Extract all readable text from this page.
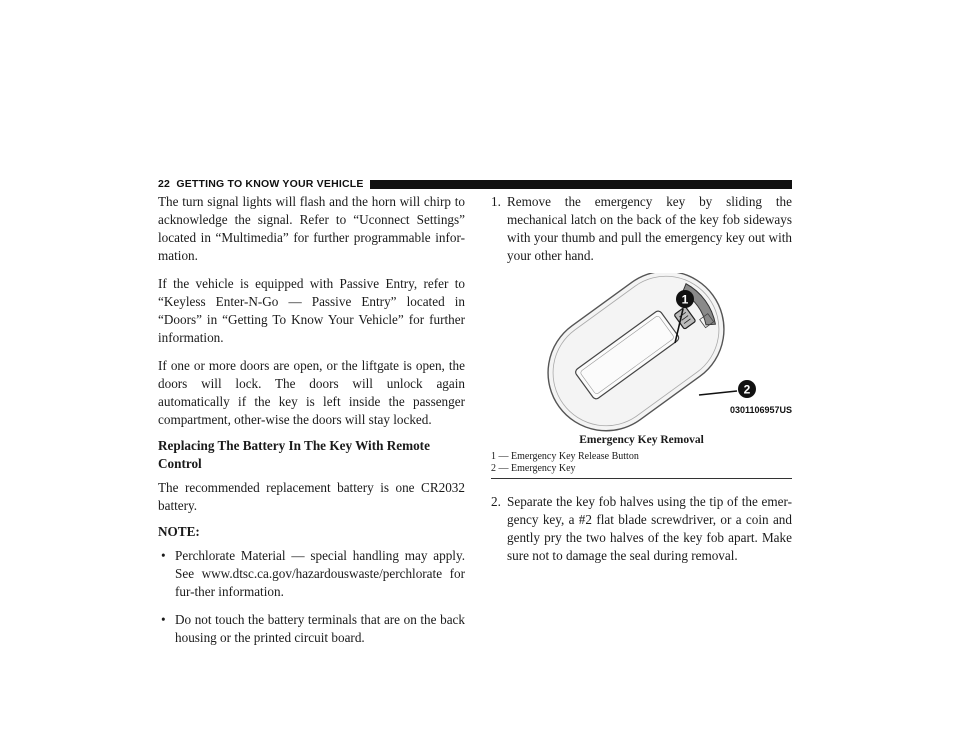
22 GETTING TO KNOW YOUR VEHICLE

The turn signal lights will flash and the horn will chirp to acknowledge the signal. Refer to “Uconnect Settings” located in “Multimedia” for further programmable infor-mation.

If the vehicle is equipped with Passive Entry, refer to “Keyless Enter-N-Go — Passive Entry” located in “Doors” in “Getting To Know Your Vehicle” for further information.

If one or more doors are open, or the liftgate is open, the doors will lock. The doors will unlock again automatically if the key is left inside the passenger compartment, other-wise the doors will stay locked.

Replacing The Battery In The Key With Remote Control

The recommended replacement battery is one CR2032 battery.

NOTE:
• Perchlorate Material — special handling may apply. See www.dtsc.ca.gov/hazardouswaste/perchlorate for fur-ther information.
• Do not touch the battery terminals that are on the back housing or the printed circuit board.
1. Remove the emergency key by sliding the mechanical latch on the back of the key fob sideways with your thumb and pull the emergency key out with your other hand.
1
2
0301106957US
Emergency Key Removal
1 — Emergency Key Release Button
2 — Emergency Key
2. Separate the key fob halves using the tip of the emer-gency key, a #2 flat blade screwdriver, or a coin and gently pry the two halves of the key fob apart. Make sure not to damage the seal during removal.
